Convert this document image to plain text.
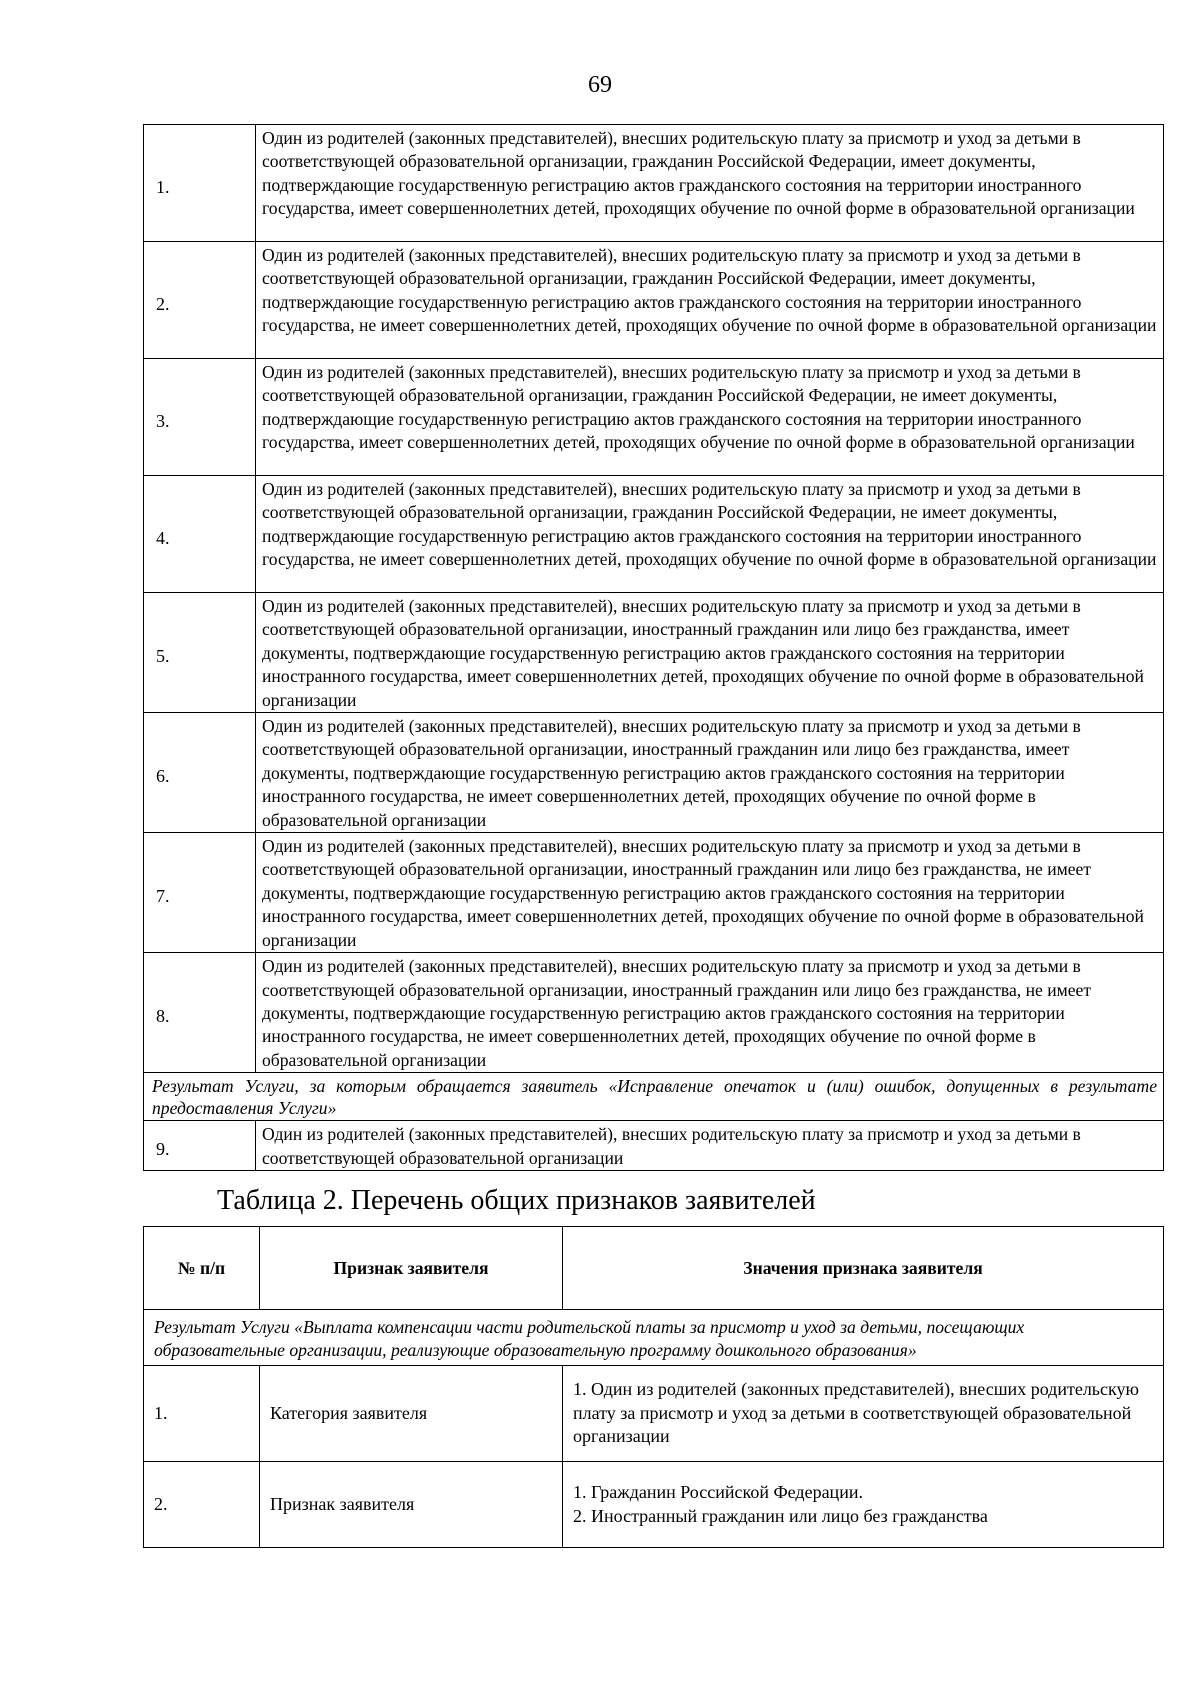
69
1.	Один из родителей (законных представителей), внесших родительскую плату за присмотр и уход за детьми в соответствующей образовательной организации, гражданин Российской Федерации, имеет документы, подтверждающие государственную регистрацию актов гражданского состояния на территории иностранного государства, имеет совершеннолетних детей, проходящих обучение по очной форме в образовательной организации
2.	Один из родителей (законных представителей), внесших родительскую плату за присмотр и уход за детьми в соответствующей образовательной организации, гражданин Российской Федерации, имеет документы, подтверждающие государственную регистрацию актов гражданского состояния на территории иностранного государства, не имеет совершеннолетних детей, проходящих обучение по очной форме в образовательной организации
3.	Один из родителей (законных представителей), внесших родительскую плату за присмотр и уход за детьми в соответствующей образовательной организации, гражданин Российской Федерации, не имеет документы, подтверждающие государственную регистрацию актов гражданского состояния на территории иностранного государства, имеет совершеннолетних детей, проходящих обучение по очной форме в образовательной организации
4.	Один из родителей (законных представителей), внесших родительскую плату за присмотр и уход за детьми в соответствующей образовательной организации, гражданин Российской Федерации, не имеет документы, подтверждающие государственную регистрацию актов гражданского состояния на территории иностранного государства, не имеет совершеннолетних детей, проходящих обучение по очной форме в образовательной организации
5.	Один из родителей (законных представителей), внесших родительскую плату за присмотр и уход за детьми в соответствующей образовательной организации, иностранный гражданин или лицо без гражданства, имеет документы, подтверждающие государственную регистрацию актов гражданского состояния на территории иностранного государства, имеет совершеннолетних детей, проходящих обучение по очной форме в образовательной организации
6.	Один из родителей (законных представителей), внесших родительскую плату за присмотр и уход за детьми в соответствующей образовательной организации, иностранный гражданин или лицо без гражданства, имеет документы, подтверждающие государственную регистрацию актов гражданского состояния на территории иностранного государства, не имеет совершеннолетних детей, проходящих обучение по очной форме в образовательной организации
7.	Один из родителей (законных представителей), внесших родительскую плату за присмотр и уход за детьми в соответствующей образовательной организации, иностранный гражданин или лицо без гражданства, не имеет документы, подтверждающие государственную регистрацию актов гражданского состояния на территории иностранного государства, имеет совершеннолетних детей, проходящих обучение по очной форме в образовательной организации
8.	Один из родителей (законных представителей), внесших родительскую плату за присмотр и уход за детьми в соответствующей образовательной организации, иностранный гражданин или лицо без гражданства, не имеет документы, подтверждающие государственную регистрацию актов гражданского состояния на территории иностранного государства, не имеет совершеннолетних детей, проходящих обучение по очной форме в образовательной организации
Результат Услуги, за которым обращается заявитель «Исправление опечаток и (или) ошибок, допущенных в результате предоставления Услуги»	
9.	Один из родителей (законных представителей), внесших родительскую плату за присмотр и уход за детьми в соответствующей образовательной организации
Таблица 2. Перечень общих признаков заявителей
№ п/п	Признак заявителя	Значения признака заявителя
Результат Услуги «Выплата компенсации части родительской платы за присмотр и уход за детьми, посещающих образовательные организации, реализующие образовательную программу дошкольного образования»		
1.	Категория заявителя	1. Один из родителей (законных представителей), внесших родительскую плату за присмотр и уход за детьми в соответствующей образовательной организации

2.	Признак заявителя	1. Гражданин Российской Федерации.
2. Иностранный гражданин или лицо без гражданства
